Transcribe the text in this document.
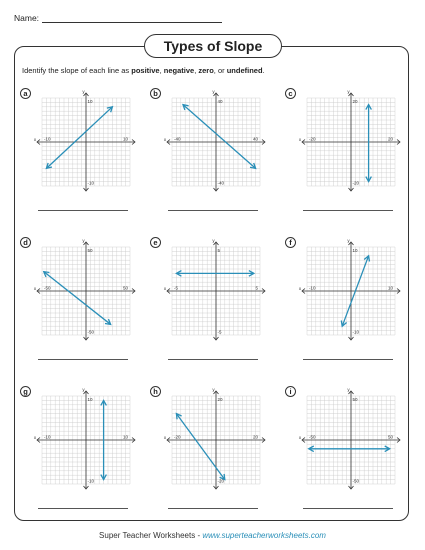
Name:
Types of Slope
Identify the slope of each line as positive, negative, zero, or undefined.
-10	10
10
-10
x
y
a
-40	40
40
-40
x
y
b
-20	20
20
-20
x
y
c
-50	50
50
-50
x
y
d
-5	5
5
-5
x
y
e
-10	10
10
-10
x
y
f
-10	10
10
-10
x
y
g
-20	20
20
-20
x
y
h
-50	50
50
-50
x
y
i
Super Teacher Worksheets - www.superteacherworksheets.com
